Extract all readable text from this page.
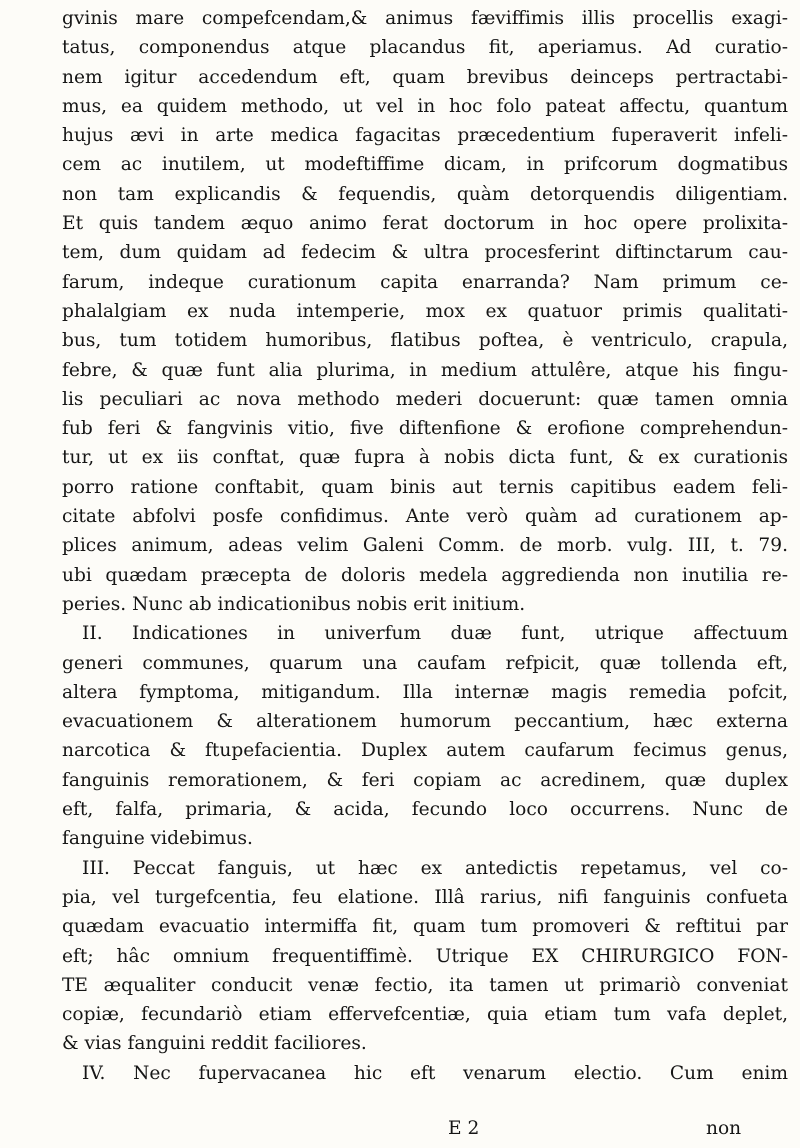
gvinis mare compefcendam,& animus fæviffimis illis procellis exagi-
tatus, componendus atque placandus fit, aperiamus. Ad curatio-
nem igitur accedendum eft, quam brevibus deinceps pertractabi-
mus, ea quidem methodo, ut vel in hoc folo pateat affectu, quantum
hujus ævi in arte medica fagacitas præcedentium fuperaverit infeli-
cem ac inutilem, ut modeftiffime dicam, in prifcorum dogmatibus
non tam explicandis & fequendis, quàm detorquendis diligentiam.
Et quis tandem æquo animo ferat doctorum in hoc opere prolixita-
tem, dum quidam ad fedecim & ultra procesferint diftinctarum cau-
farum, indeque curationum capita enarranda? Nam primum ce-
phalalgiam ex nuda intemperie, mox ex quatuor primis qualitati-
bus, tum totidem humoribus, flatibus poftea, è ventriculo, crapula,
febre, & quæ funt alia plurima, in medium attulêre, atque his fingu-
lis peculiari ac nova methodo mederi docuerunt: quæ tamen omnia
fub feri & fangvinis vitio, five diftenfione & erofione comprehendun-
tur, ut ex iis conftat, quæ fupra à nobis dicta funt, & ex curationis
porro ratione conftabit, quam binis aut ternis capitibus eadem feli-
citate abfolvi posfe confidimus. Ante verò quàm ad curationem ap-
plices animum, adeas velim Galeni Comm. de morb. vulg. III, t. 79.
ubi quædam præcepta de doloris medela aggredienda non inutilia re-
peries. Nunc ab indicationibus nobis erit initium.
II. Indicationes in univerfum duæ funt, utrique affectuum
generi communes, quarum una caufam refpicit, quæ tollenda eft,
altera fymptoma, mitigandum. Illa internæ magis remedia pofcit,
evacuationem & alterationem humorum peccantium, hæc externa
narcotica & ftupefacientia. Duplex autem caufarum fecimus genus,
fanguinis remorationem, & feri copiam ac acredinem, quæ duplex
eft, falfa, primaria, & acida, fecundo loco occurrens. Nunc de
fanguine videbimus.
III. Peccat fanguis, ut hæc ex antedictis repetamus, vel co-
pia, vel turgefcentia, feu elatione. Illâ rarius, nifi fanguinis confueta
quædam evacuatio intermiffa fit, quam tum promoveri & reftitui par
eft; hâc omnium frequentiffimè. Utrique EX CHIRURGICO FON-
TE æqualiter conducit venæ fectio, ita tamen ut primariò conveniat
copiæ, fecundariò etiam effervefcentiæ, quia etiam tum vafa deplet,
& vias fanguini reddit faciliores.
IV. Nec fupervacanea hic eft venarum electio. Cum enim
E 2	non
